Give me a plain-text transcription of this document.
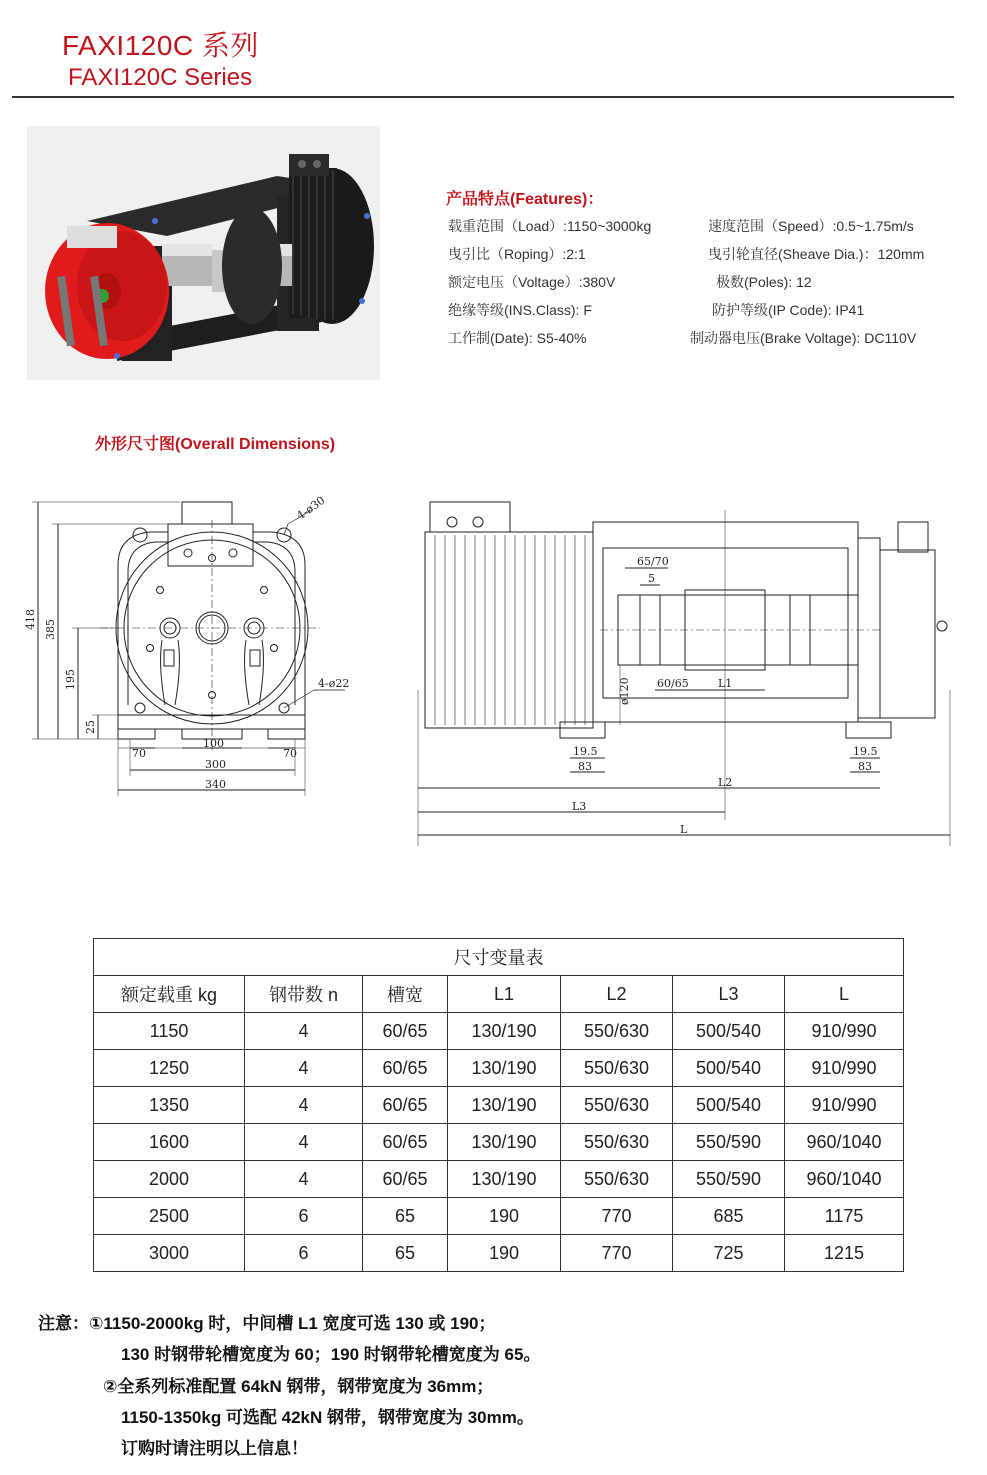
FAXI120C 系列
FAXI120C Series
产品特点(Features)：
载重范围（Load）:1150~3000kg
曳引比（Roping）:2:1
额定电压（Voltage）:380V
绝缘等级(INS.Class): F
工作制(Date): S5-40%
速度范围（Speed）:0.5~1.75m/s
曳引轮直径(Sheave Dia.)：120mm
极数(Poles): 12
防护等级(IP Code): IP41
制动器电压(Brake Voltage): DC110V
外形尺寸图(Overall Dimensions)
4-ø30
4-ø22
418 385
195
25
70
100
70
300
340
65/70
5
60/65	L1
ø120
19.5
83
19.5
83
L2
L3
L
尺寸变量表						
额定载重 kg	钢带数 n	槽宽	L1	L2	L3	L
1150	4	60/65	130/190	550/630	500/540	910/990
1250	4	60/65	130/190	550/630	500/540	910/990
1350	4	60/65	130/190	550/630	500/540	910/990
1600	4	60/65	130/190	550/630	550/590	960/1040
2000	4	60/65	130/190	550/630	550/590	960/1040
2500	6	65	190	770	685	1175
3000	6	65	190	770	725	1215
注意：①1150-2000kg 时，中间槽 L1 宽度可选 130 或 190；
130 时钢带轮槽宽度为 60；190 时钢带轮槽宽度为 65。
②全系列标准配置 64kN 钢带，钢带宽度为 36mm；
1150-1350kg 可选配 42kN 钢带，钢带宽度为 30mm。
订购时请注明以上信息！
